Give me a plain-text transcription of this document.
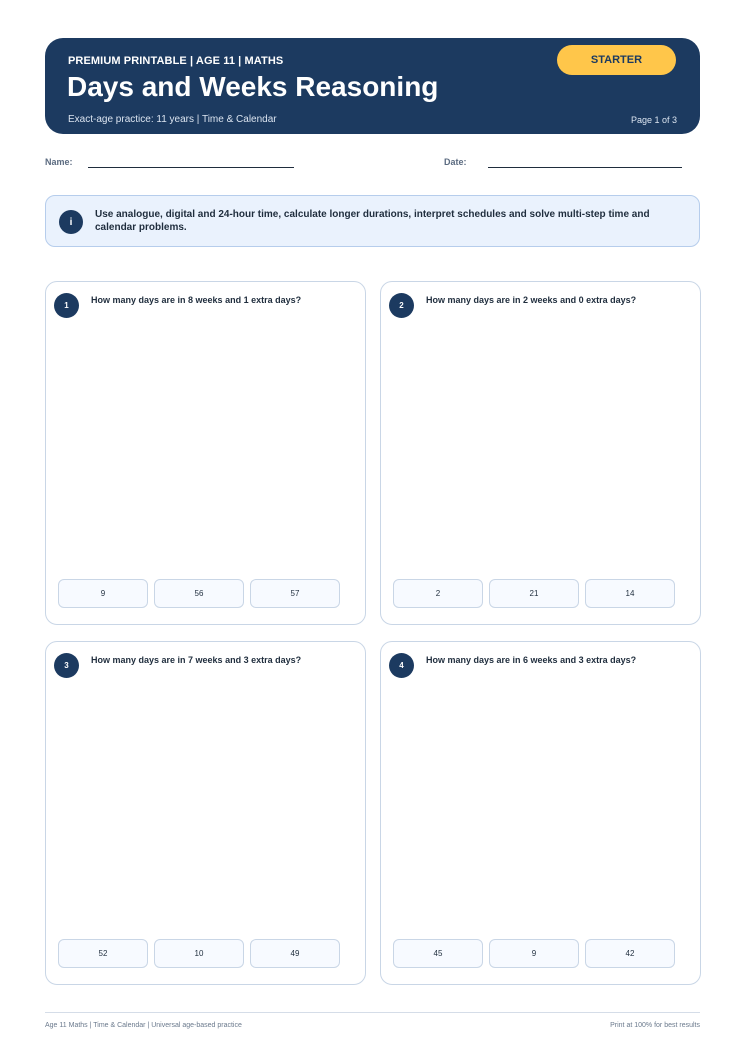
PREMIUM PRINTABLE | AGE 11 | MATHS
Days and Weeks Reasoning
Exact-age practice: 11 years | Time & Calendar	Page 1 of 3
STARTER
Name:	Date:
i
Use analogue, digital and 24-hour time, calculate longer durations, interpret schedules and solve multi-step time and calendar problems.
1
How many days are in 8 weeks and 1 extra days?
9	56	57
2
How many days are in 2 weeks and 0 extra days?
2	21	14
3
How many days are in 7 weeks and 3 extra days?
52	10	49
4
How many days are in 6 weeks and 3 extra days?
45	9	42
Age 11 Maths | Time & Calendar | Universal age-based practice	Print at 100% for best results
